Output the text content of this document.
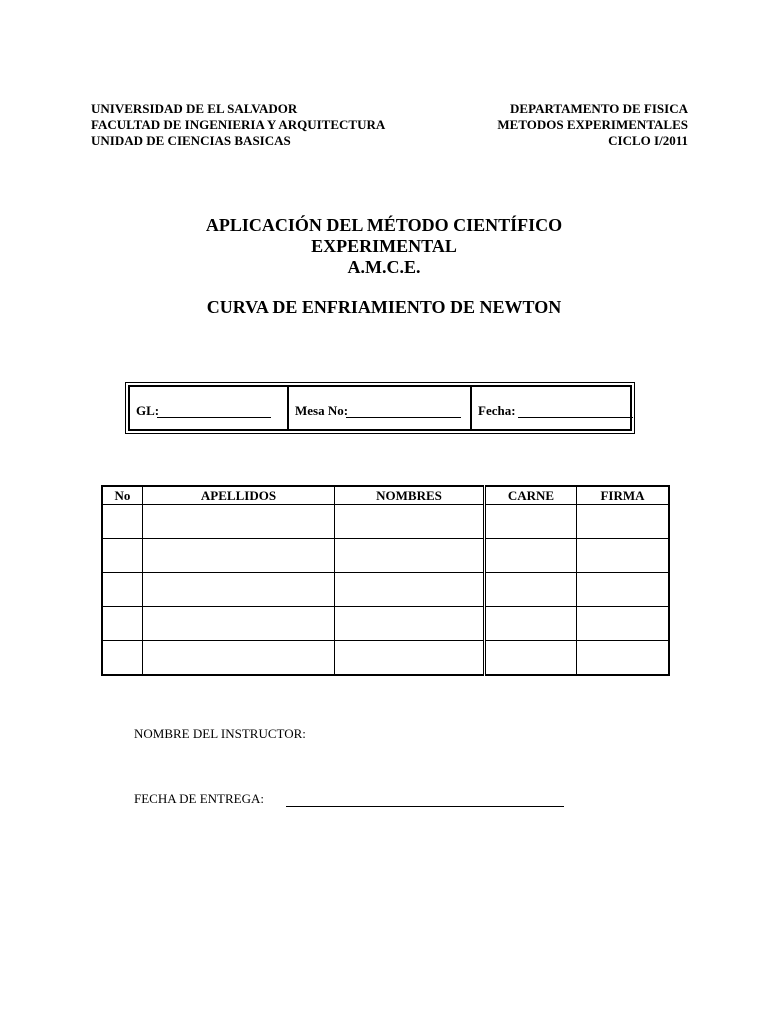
UNIVERSIDAD DE EL SALVADOR
FACULTAD DE INGENIERIA Y ARQUITECTURA
UNIDAD DE CIENCIAS BASICAS
DEPARTAMENTO DE FISICA
METODOS EXPERIMENTALES
CICLO I/2011
APLICACIÓN DEL MÉTODO CIENTÍFICO
EXPERIMENTAL
A.M.C.E.
CURVA DE ENFRIAMIENTO DE NEWTON
GL:	Mesa No:	Fecha:
No	APELLIDOS	NOMBRES	CARNE	FIRMA

NOMBRE DEL INSTRUCTOR:
FECHA DE ENTREGA:
